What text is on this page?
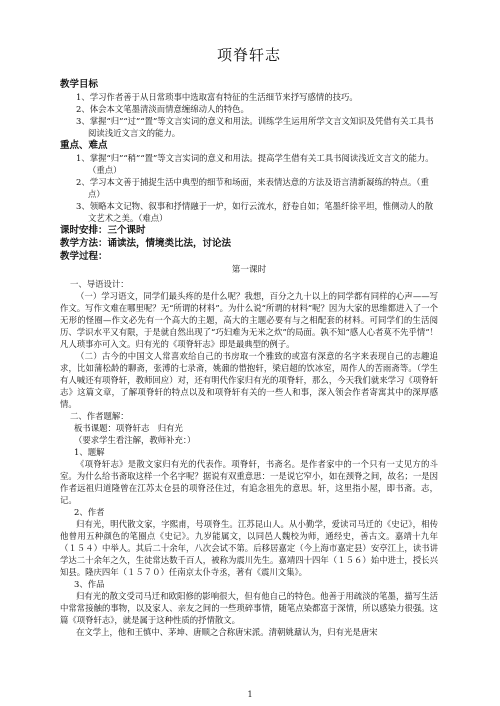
项脊轩志
教学目标
1、学习作者善于从日常琐事中选取富有特征的生活细节来抒写感情的技巧。
2、体会本文笔墨清淡而情意缠绵动人的特色。
3、掌握“归”“过”“置”等文言实词的意义和用法。训练学生运用所学文言文知识及凭借有关工具书阅读浅近文言文的能力。
重点、难点
1、掌握“归”“稍”“置”等文言实词的意义和用法。提高学生借有关工具书阅读浅近文言文的能力。（重点）
2、学习本文善于捕捉生活中典型的细节和场面，来表情达意的方法及语言清新凝练的特点。（重点）
3、领略本文记物、叙事和抒情融于一炉，如行云流水，舒卷自如；笔墨纤徐平坦，惟侧动人的散文艺术之美。（难点）
课时安排：三个课时
教学方法：诵读法，情境类比法，讨论法
教学过程：
第一课时
一、导语设计：
（一）学习语文，同学们最头疼的是什么呢？我想，百分之九十以上的同学都有同样的心声——写作文。写作文难在哪里呢？无“所谓的材料”。为什么说“所谓的材料”呢？因为大家的思维都进入了一个无形的怪圈—作文必先有一个高大的主题，高大的主题必要有与之相配套的材料。可同学们的生活阅历、学识水平又有限，于是就自然出现了“巧妇难为无米之炊”的局面。孰不知“感人心者莫不先乎情”！凡人琐事亦可入文。归有光的《项脊轩志》即是最典型的例子。
（二）古今的中国文人常喜欢给自己的书房取一个雅致的或富有深意的名字来表现自己的志趣追求，比如蒲松龄的聊斋，张溥的七录斋，姚鼐的惜抱轩，梁启超的饮冰室，周作人的苦雨斋等。（学生有人喊还有项脊轩，教师回应）对，还有明代作家归有光的项脊轩，那么，今天我们就来学习《项脊轩志》这篇文章，了解项脊轩的特点以及和项脊轩有关的一些人和事，深入领会作者寄寓其中的深厚感情。
二、作者题解：
板书课题：项脊轩志　归有光
（要求学生看注解，教师补充：）
1、题解
《项脊轩志》是散文家归有光的代表作。项脊轩，书斋名。是作者家中的一个只有一丈见方的斗室。为什么给书斋取这样一个名字呢？据说有双重意思：一是说它窄小，如在颈脊之间，故名；一是因作者远祖归道隆曾在江苏太仓县的项脊泾住过，有追念祖先的意思。轩，这里指小屋，即书斋。志，记。
2、作者
归有光，明代散文家，字熙甫，号项脊生。江苏昆山人。从小勤学，爱读司马迁的《史记》，相传他曾用五种颜色的笔圈点《史记》。九岁能属文，以同邑人魏校为师，通经史，善古文。嘉靖十九年（１５４）中举人。其后二十余年，八次会试不第。后移居嘉定（今上海市嘉定县）安亭江上，读书讲学达二十余年之久，生徒常达数千百人，被称为震川先生。嘉靖四十四年（１５６）始中进士，授长兴知县。隆庆四年（１５７０）任南京太仆寺丞，著有《震川文集》。
3、作品
归有光的散文受司马迁和欧阳修的影响很大，但有他自己的特色。他善于用疏淡的笔墨，描写生活中常常接触的事物，以及家人、亲友之间的一些琐碎事情，随笔点染都富于深情，所以感染力很强。这篇《项脊轩志》，就是属于这种性质的抒情散文。
在文学上，他和王慎中、茅坤、唐顺之合称唐宋派。清朝姚鼐认为，归有光是唐宋
1
